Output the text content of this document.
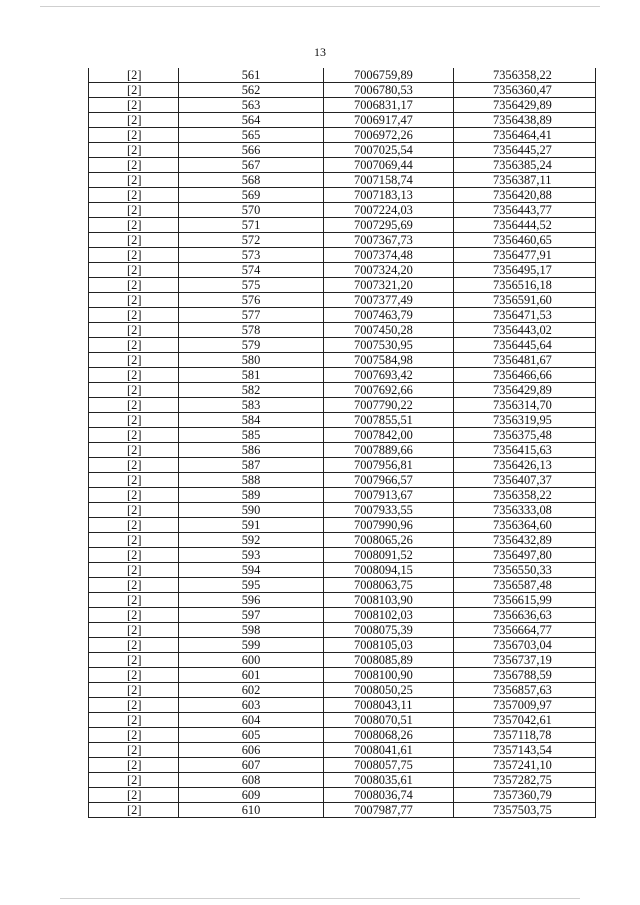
13
[2]	561	7006759,89	7356358,22
[2]	562	7006780,53	7356360,47
[2]	563	7006831,17	7356429,89
[2]	564	7006917,47	7356438,89
[2]	565	7006972,26	7356464,41
[2]	566	7007025,54	7356445,27
[2]	567	7007069,44	7356385,24
[2]	568	7007158,74	7356387,11
[2]	569	7007183,13	7356420,88
[2]	570	7007224,03	7356443,77
[2]	571	7007295,69	7356444,52
[2]	572	7007367,73	7356460,65
[2]	573	7007374,48	7356477,91
[2]	574	7007324,20	7356495,17
[2]	575	7007321,20	7356516,18
[2]	576	7007377,49	7356591,60
[2]	577	7007463,79	7356471,53
[2]	578	7007450,28	7356443,02
[2]	579	7007530,95	7356445,64
[2]	580	7007584,98	7356481,67
[2]	581	7007693,42	7356466,66
[2]	582	7007692,66	7356429,89
[2]	583	7007790,22	7356314,70
[2]	584	7007855,51	7356319,95
[2]	585	7007842,00	7356375,48
[2]	586	7007889,66	7356415,63
[2]	587	7007956,81	7356426,13
[2]	588	7007966,57	7356407,37
[2]	589	7007913,67	7356358,22
[2]	590	7007933,55	7356333,08
[2]	591	7007990,96	7356364,60
[2]	592	7008065,26	7356432,89
[2]	593	7008091,52	7356497,80
[2]	594	7008094,15	7356550,33
[2]	595	7008063,75	7356587,48
[2]	596	7008103,90	7356615,99
[2]	597	7008102,03	7356636,63
[2]	598	7008075,39	7356664,77
[2]	599	7008105,03	7356703,04
[2]	600	7008085,89	7356737,19
[2]	601	7008100,90	7356788,59
[2]	602	7008050,25	7356857,63
[2]	603	7008043,11	7357009,97
[2]	604	7008070,51	7357042,61
[2]	605	7008068,26	7357118,78
[2]	606	7008041,61	7357143,54
[2]	607	7008057,75	7357241,10
[2]	608	7008035,61	7357282,75
[2]	609	7008036,74	7357360,79
[2]	610	7007987,77	7357503,75
